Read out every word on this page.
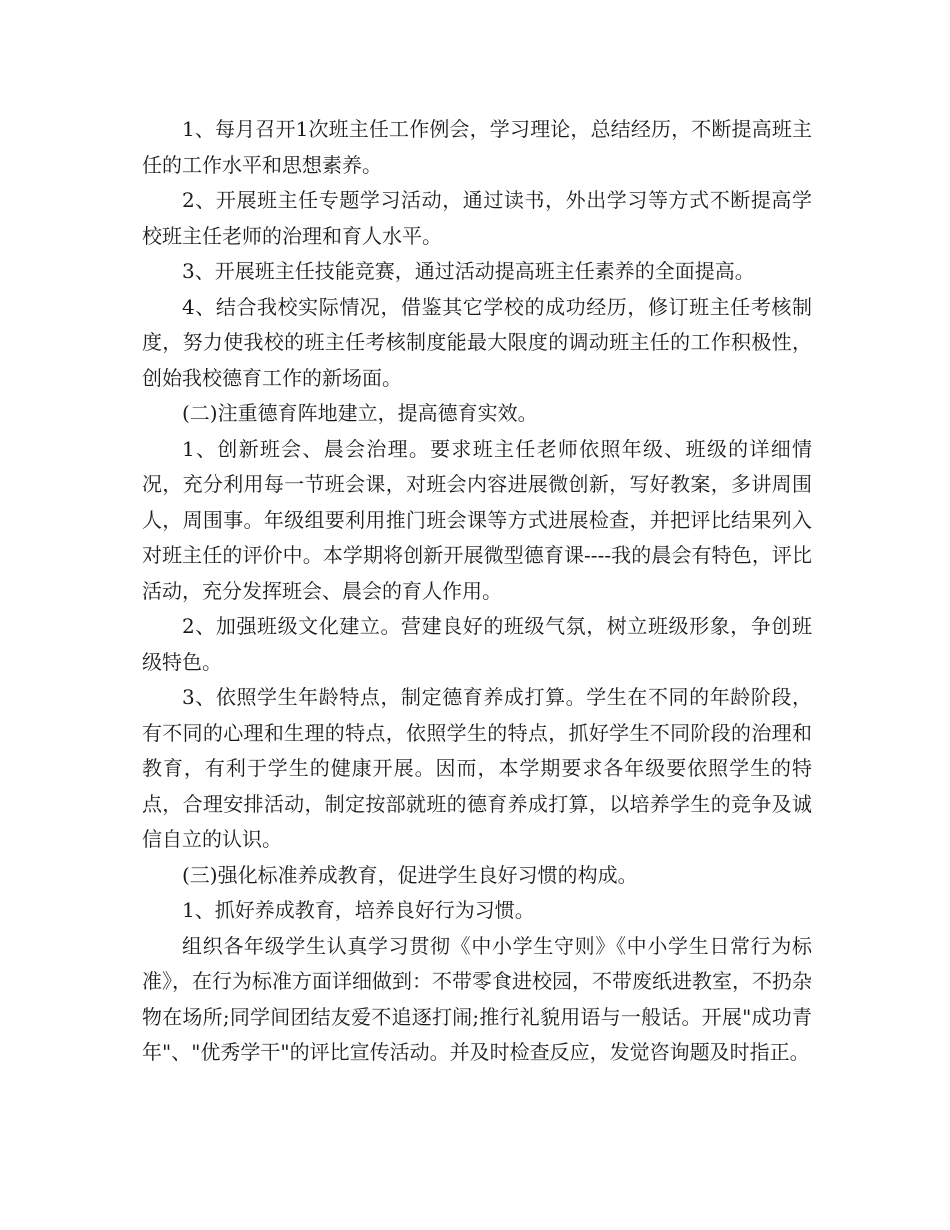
1、每月召开1次班主任工作例会，学习理论，总结经历，不断提高班主任的工作水平和思想素养。

2、开展班主任专题学习活动，通过读书，外出学习等方式不断提高学校班主任老师的治理和育人水平。

3、开展班主任技能竞赛，通过活动提高班主任素养的全面提高。

4、结合我校实际情况，借鉴其它学校的成功经历，修订班主任考核制度，努力使我校的班主任考核制度能最大限度的调动班主任的工作积极性，创始我校德育工作的新场面。

(二)注重德育阵地建立，提高德育实效。

1、创新班会、晨会治理。要求班主任老师依照年级、班级的详细情况，充分利用每一节班会课，对班会内容进展微创新，写好教案，多讲周围人，周围事。年级组要利用推门班会课等方式进展检查，并把评比结果列入对班主任的评价中。本学期将创新开展微型德育课----我的晨会有特色，评比活动，充分发挥班会、晨会的育人作用。

2、加强班级文化建立。营建良好的班级气氛，树立班级形象，争创班级特色。

3、依照学生年龄特点，制定德育养成打算。学生在不同的年龄阶段，有不同的心理和生理的特点，依照学生的特点，抓好学生不同阶段的治理和教育，有利于学生的健康开展。因而，本学期要求各年级要依照学生的特点，合理安排活动，制定按部就班的德育养成打算，以培养学生的竞争及诚信自立的认识。

(三)强化标准养成教育，促进学生良好习惯的构成。

1、抓好养成教育，培养良好行为习惯。

组织各年级学生认真学习贯彻《中小学生守则》《中小学生日常行为标准》，在行为标准方面详细做到：不带零食进校园，不带废纸进教室，不扔杂物在场所;同学间团结友爱不追逐打闹;推行礼貌用语与一般话。开展"成功青年"、"优秀学干"的评比宣传活动。并及时检查反应，发觉咨询题及时指正。
